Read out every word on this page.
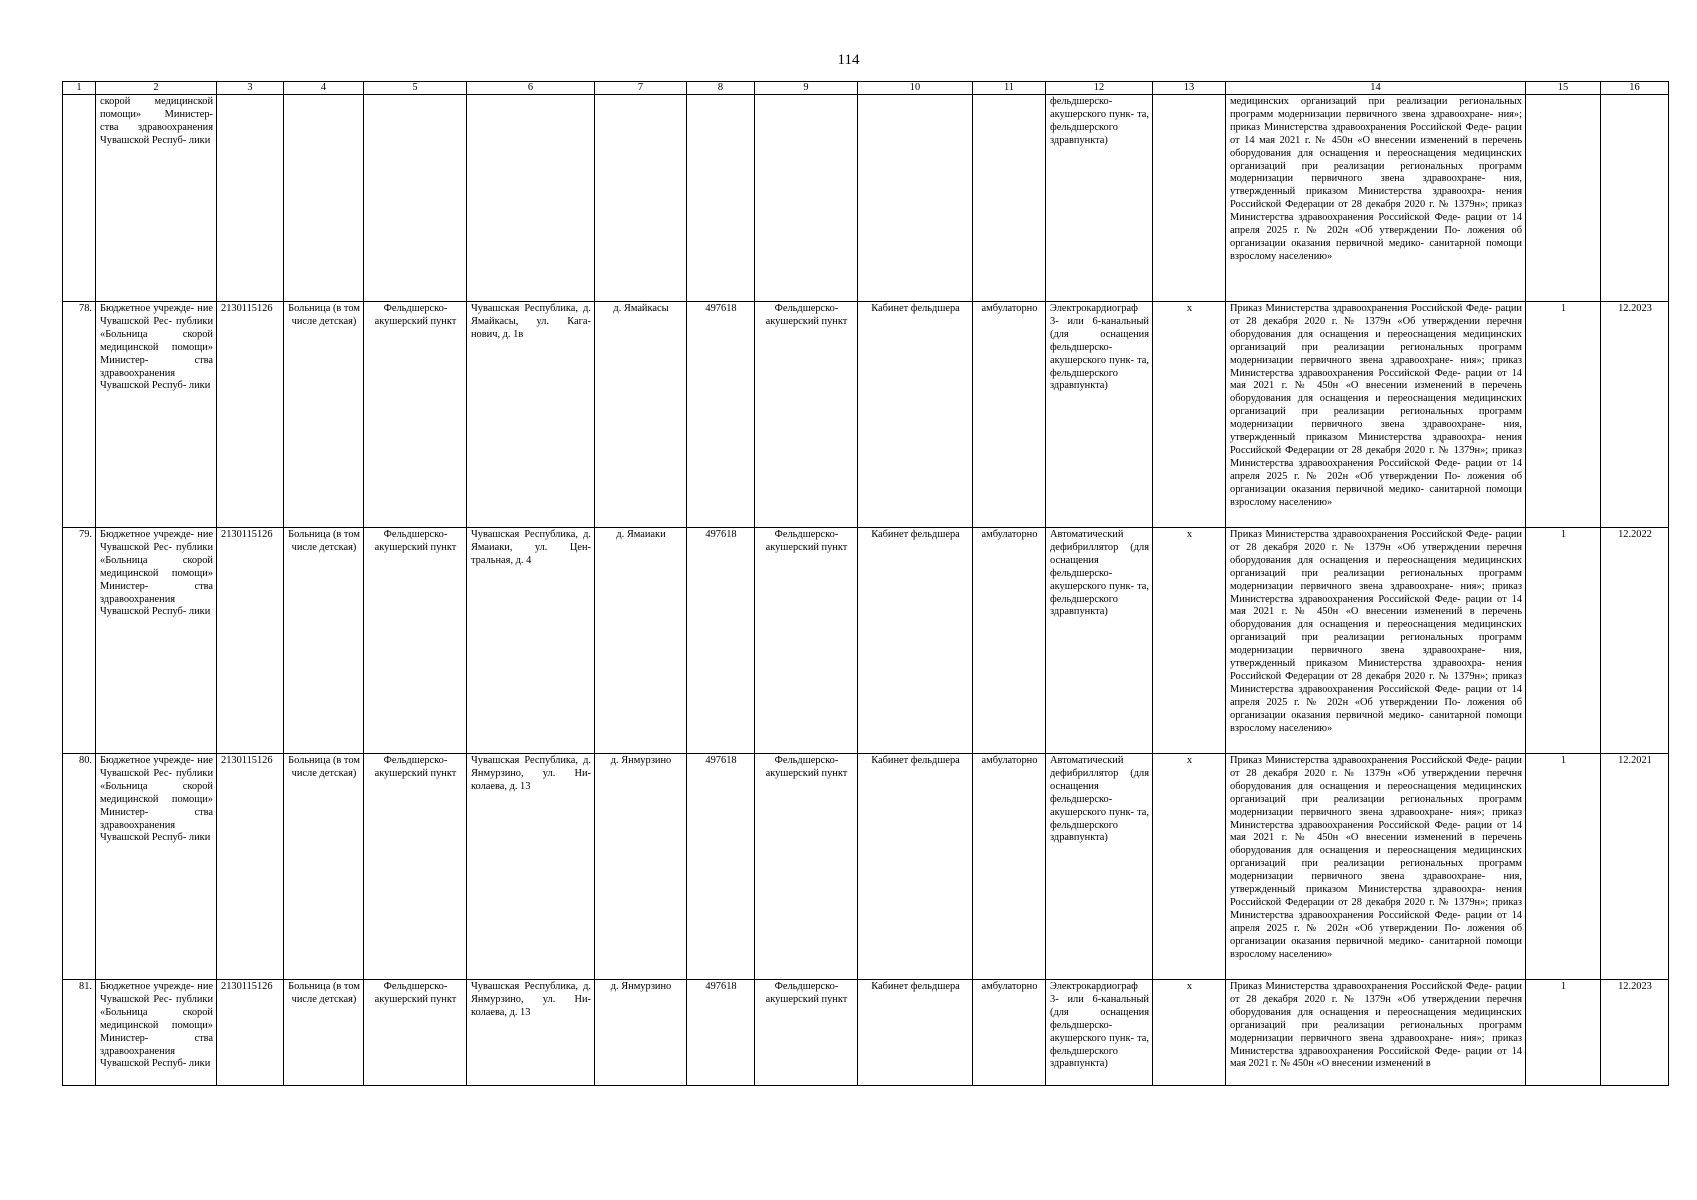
114
1	2	3	4	5	6	7	8	9	10	11	12	13	14	15	16
	скорой медицинской помощи» Министер- ства здравоохранения Чувашской Респуб- лики										фельдшерско- акушерского пунк- та, фельдшерского здравпункта)		медицинских организаций при реализации региональных программ модернизации первичного звена здравоохране- ния»; приказ Министерства здравоохранения Российской Феде- рации от 14 мая 2021 г. № 450н «О внесении изменений в перечень оборудования для оснащения и переоснащения медицинских организаций при реализации региональных программ модернизации первичного звена здравоохране- ния, утвержденный приказом Министерства здравоохра- нения Российской Федерации от 28 декабря 2020 г. № 1379н»; приказ Министерства здравоохранения Российской Феде- рации от 14 апреля 2025 г. № 202н «Об утверждении По- ложения об организации оказания первичной медико- санитарной помощи взрослому населению»		
78.	Бюджетное учрежде- ние Чувашской Рес- публики «Больница скорой медицинской помощи» Министер- ства здравоохранения Чувашской Респуб- лики	2130115126	Больница (в том числе детская)	Фельдшерско- акушерский пункт	Чувашская Республика, д. Ямайкасы, ул. Кага- нович, д. 1в	д. Ямайкасы	497618	Фельдшерско- акушерский пункт	Кабинет фельдшера	амбулаторно	Электрокардиограф 3- или 6-канальный (для оснащения фельдшерско- акушерского пунк- та, фельдшерского здравпункта)	x	Приказ Министерства здравоохранения Российской Феде- рации от 28 декабря 2020 г. № 1379н «Об утверждении перечня оборудования для оснащения и переоснащения медицинских организаций при реализации региональных программ модернизации первичного звена здравоохране- ния»; приказ Министерства здравоохранения Российской Феде- рации от 14 мая 2021 г. № 450н «О внесении изменений в перечень оборудования для оснащения и переоснащения медицинских организаций при реализации региональных программ модернизации первичного звена здравоохране- ния, утвержденный приказом Министерства здравоохра- нения Российской Федерации от 28 декабря 2020 г. № 1379н»; приказ Министерства здравоохранения Российской Феде- рации от 14 апреля 2025 г. № 202н «Об утверждении По- ложения об организации оказания первичной медико- санитарной помощи взрослому населению»	1	12.2023
79.	Бюджетное учрежде- ние Чувашской Рес- публики «Больница скорой медицинской помощи» Министер- ства здравоохранения Чувашской Респуб- лики	2130115126	Больница (в том числе детская)	Фельдшерско- акушерский пункт	Чувашская Республика, д. Ямаиаки, ул. Цен- тральная, д. 4	д. Ямаиаки	497618	Фельдшерско- акушерский пункт	Кабинет фельдшера	амбулаторно	Автоматический дефибриллятор (для оснащения фельдшерско- акушерского пунк- та, фельдшерского здравпункта)	x	Приказ Министерства здравоохранения Российской Феде- рации от 28 декабря 2020 г. № 1379н «Об утверждении перечня оборудования для оснащения и переоснащения медицинских организаций при реализации региональных программ модернизации первичного звена здравоохране- ния»; приказ Министерства здравоохранения Российской Феде- рации от 14 мая 2021 г. № 450н «О внесении изменений в перечень оборудования для оснащения и переоснащения медицинских организаций при реализации региональных программ модернизации первичного звена здравоохране- ния, утвержденный приказом Министерства здравоохра- нения Российской Федерации от 28 декабря 2020 г. № 1379н»; приказ Министерства здравоохранения Российской Феде- рации от 14 апреля 2025 г. № 202н «Об утверждении По- ложения об организации оказания первичной медико- санитарной помощи взрослому населению»	1	12.2022
80.	Бюджетное учрежде- ние Чувашской Рес- публики «Больница скорой медицинской помощи» Министер- ства здравоохранения Чувашской Респуб- лики	2130115126	Больница (в том числе детская)	Фельдшерско- акушерский пункт	Чувашская Республика, д. Янмурзино, ул. Ни- колаева, д. 13	д. Янмурзино	497618	Фельдшерско- акушерский пункт	Кабинет фельдшера	амбулаторно	Автоматический дефибриллятор (для оснащения фельдшерско- акушерского пунк- та, фельдшерского здравпункта)	x	Приказ Министерства здравоохранения Российской Феде- рации от 28 декабря 2020 г. № 1379н «Об утверждении перечня оборудования для оснащения и переоснащения медицинских организаций при реализации региональных программ модернизации первичного звена здравоохране- ния»; приказ Министерства здравоохранения Российской Феде- рации от 14 мая 2021 г. № 450н «О внесении изменений в перечень оборудования для оснащения и переоснащения медицинских организаций при реализации региональных программ модернизации первичного звена здравоохране- ния, утвержденный приказом Министерства здравоохра- нения Российской Федерации от 28 декабря 2020 г. № 1379н»; приказ Министерства здравоохранения Российской Феде- рации от 14 апреля 2025 г. № 202н «Об утверждении По- ложения об организации оказания первичной медико- санитарной помощи взрослому населению»	1	12.2021
81.	Бюджетное учрежде- ние Чувашской Рес- публики «Больница скорой медицинской помощи» Министер- ства здравоохранения Чувашской Респуб- лики	2130115126	Больница (в том числе детская)	Фельдшерско- акушерский пункт	Чувашская Республика, д. Янмурзино, ул. Ни- колаева, д. 13	д. Янмурзино	497618	Фельдшерско- акушерский пункт	Кабинет фельдшера	амбулаторно	Электрокардиограф 3- или 6-канальный (для оснащения фельдшерско- акушерского пунк- та, фельдшерского здравпункта)	x	Приказ Министерства здравоохранения Российской Феде- рации от 28 декабря 2020 г. № 1379н «Об утверждении перечня оборудования для оснащения и переоснащения медицинских организаций при реализации региональных программ модернизации первичного звена здравоохране- ния»; приказ Министерства здравоохранения Российской Феде- рации от 14 мая 2021 г. № 450н «О внесении изменений в	1	12.2023
